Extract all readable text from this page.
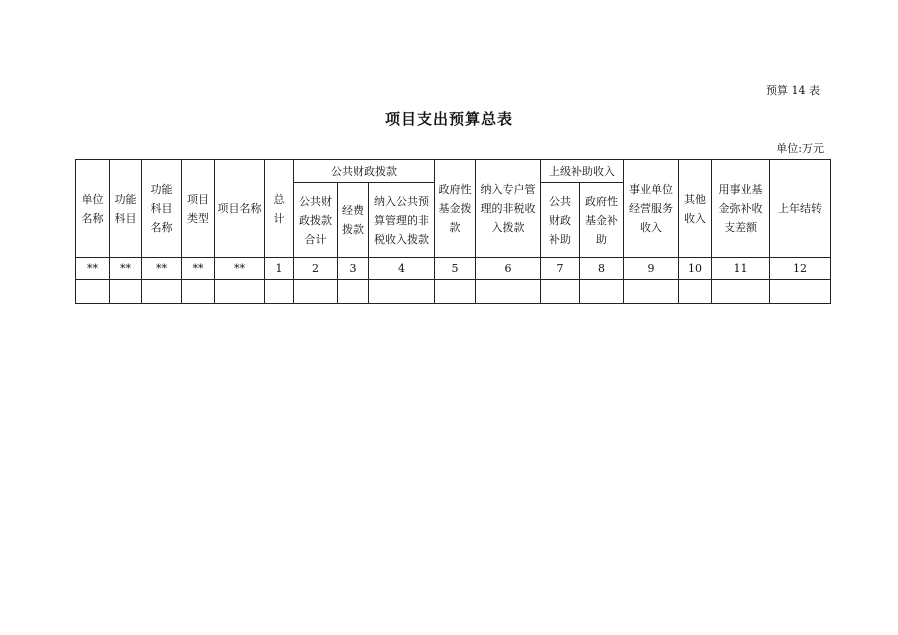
预算 14 表
项目支出预算总表
单位:万元
单位名称	功能科目	功能科目名称	项目类型	项目名称	总计	公共财政拨款			政府性基金拨款	纳入专户管理的非税收入拨款	上级补助收入		事业单位经营服务收入	其他收入	用事业基金弥补收支差额	上年结转
						公共财政拨款合计	经费拨款	纳入公共预算管理的非税收入拨款			公共财政补助	政府性基金补助				
**	**	**	**	**	1	2	3	4	5	6	7	8	9	10	11	12
